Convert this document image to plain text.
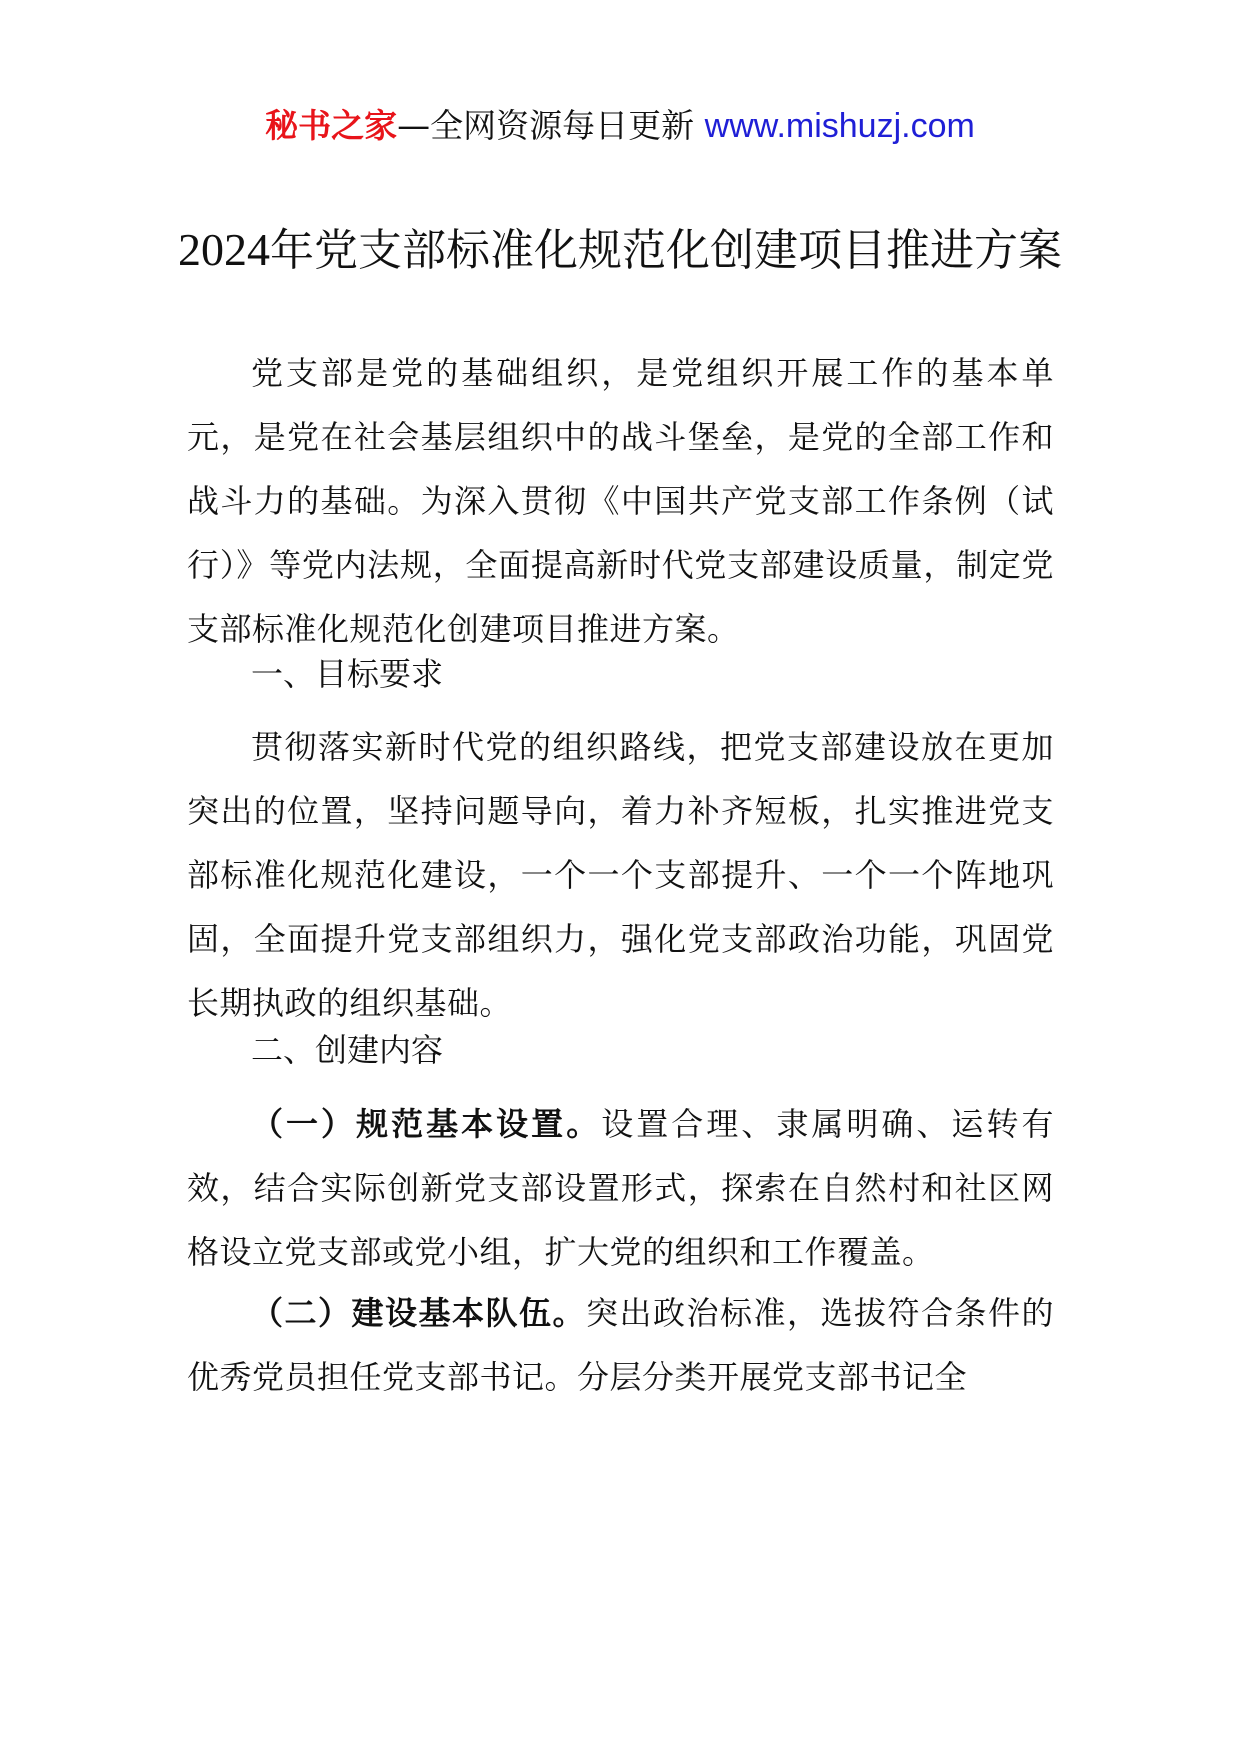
秘书之家—全网资源每日更新 www.mishuzj.com
2024年党支部标准化规范化创建项目推进方案

党支部是党的基础组织，是党组织开展工作的基本单元，是党在社会基层组织中的战斗堡垒，是党的全部工作和战斗力的基础。为深入贯彻《中国共产党支部工作条例（试行）》等党内法规，全面提高新时代党支部建设质量，制定党支部标准化规范化创建项目推进方案。

一、目标要求

贯彻落实新时代党的组织路线，把党支部建设放在更加突出的位置，坚持问题导向，着力补齐短板，扎实推进党支部标准化规范化建设，一个一个支部提升、一个一个阵地巩固，全面提升党支部组织力，强化党支部政治功能，巩固党长期执政的组织基础。

二、创建内容

（一）规范基本设置。设置合理、隶属明确、运转有效，结合实际创新党支部设置形式，探索在自然村和社区网格设立党支部或党小组，扩大党的组织和工作覆盖。

（二）建设基本队伍。突出政治标准，选拔符合条件的优秀党员担任党支部书记。分层分类开展党支部书记全
